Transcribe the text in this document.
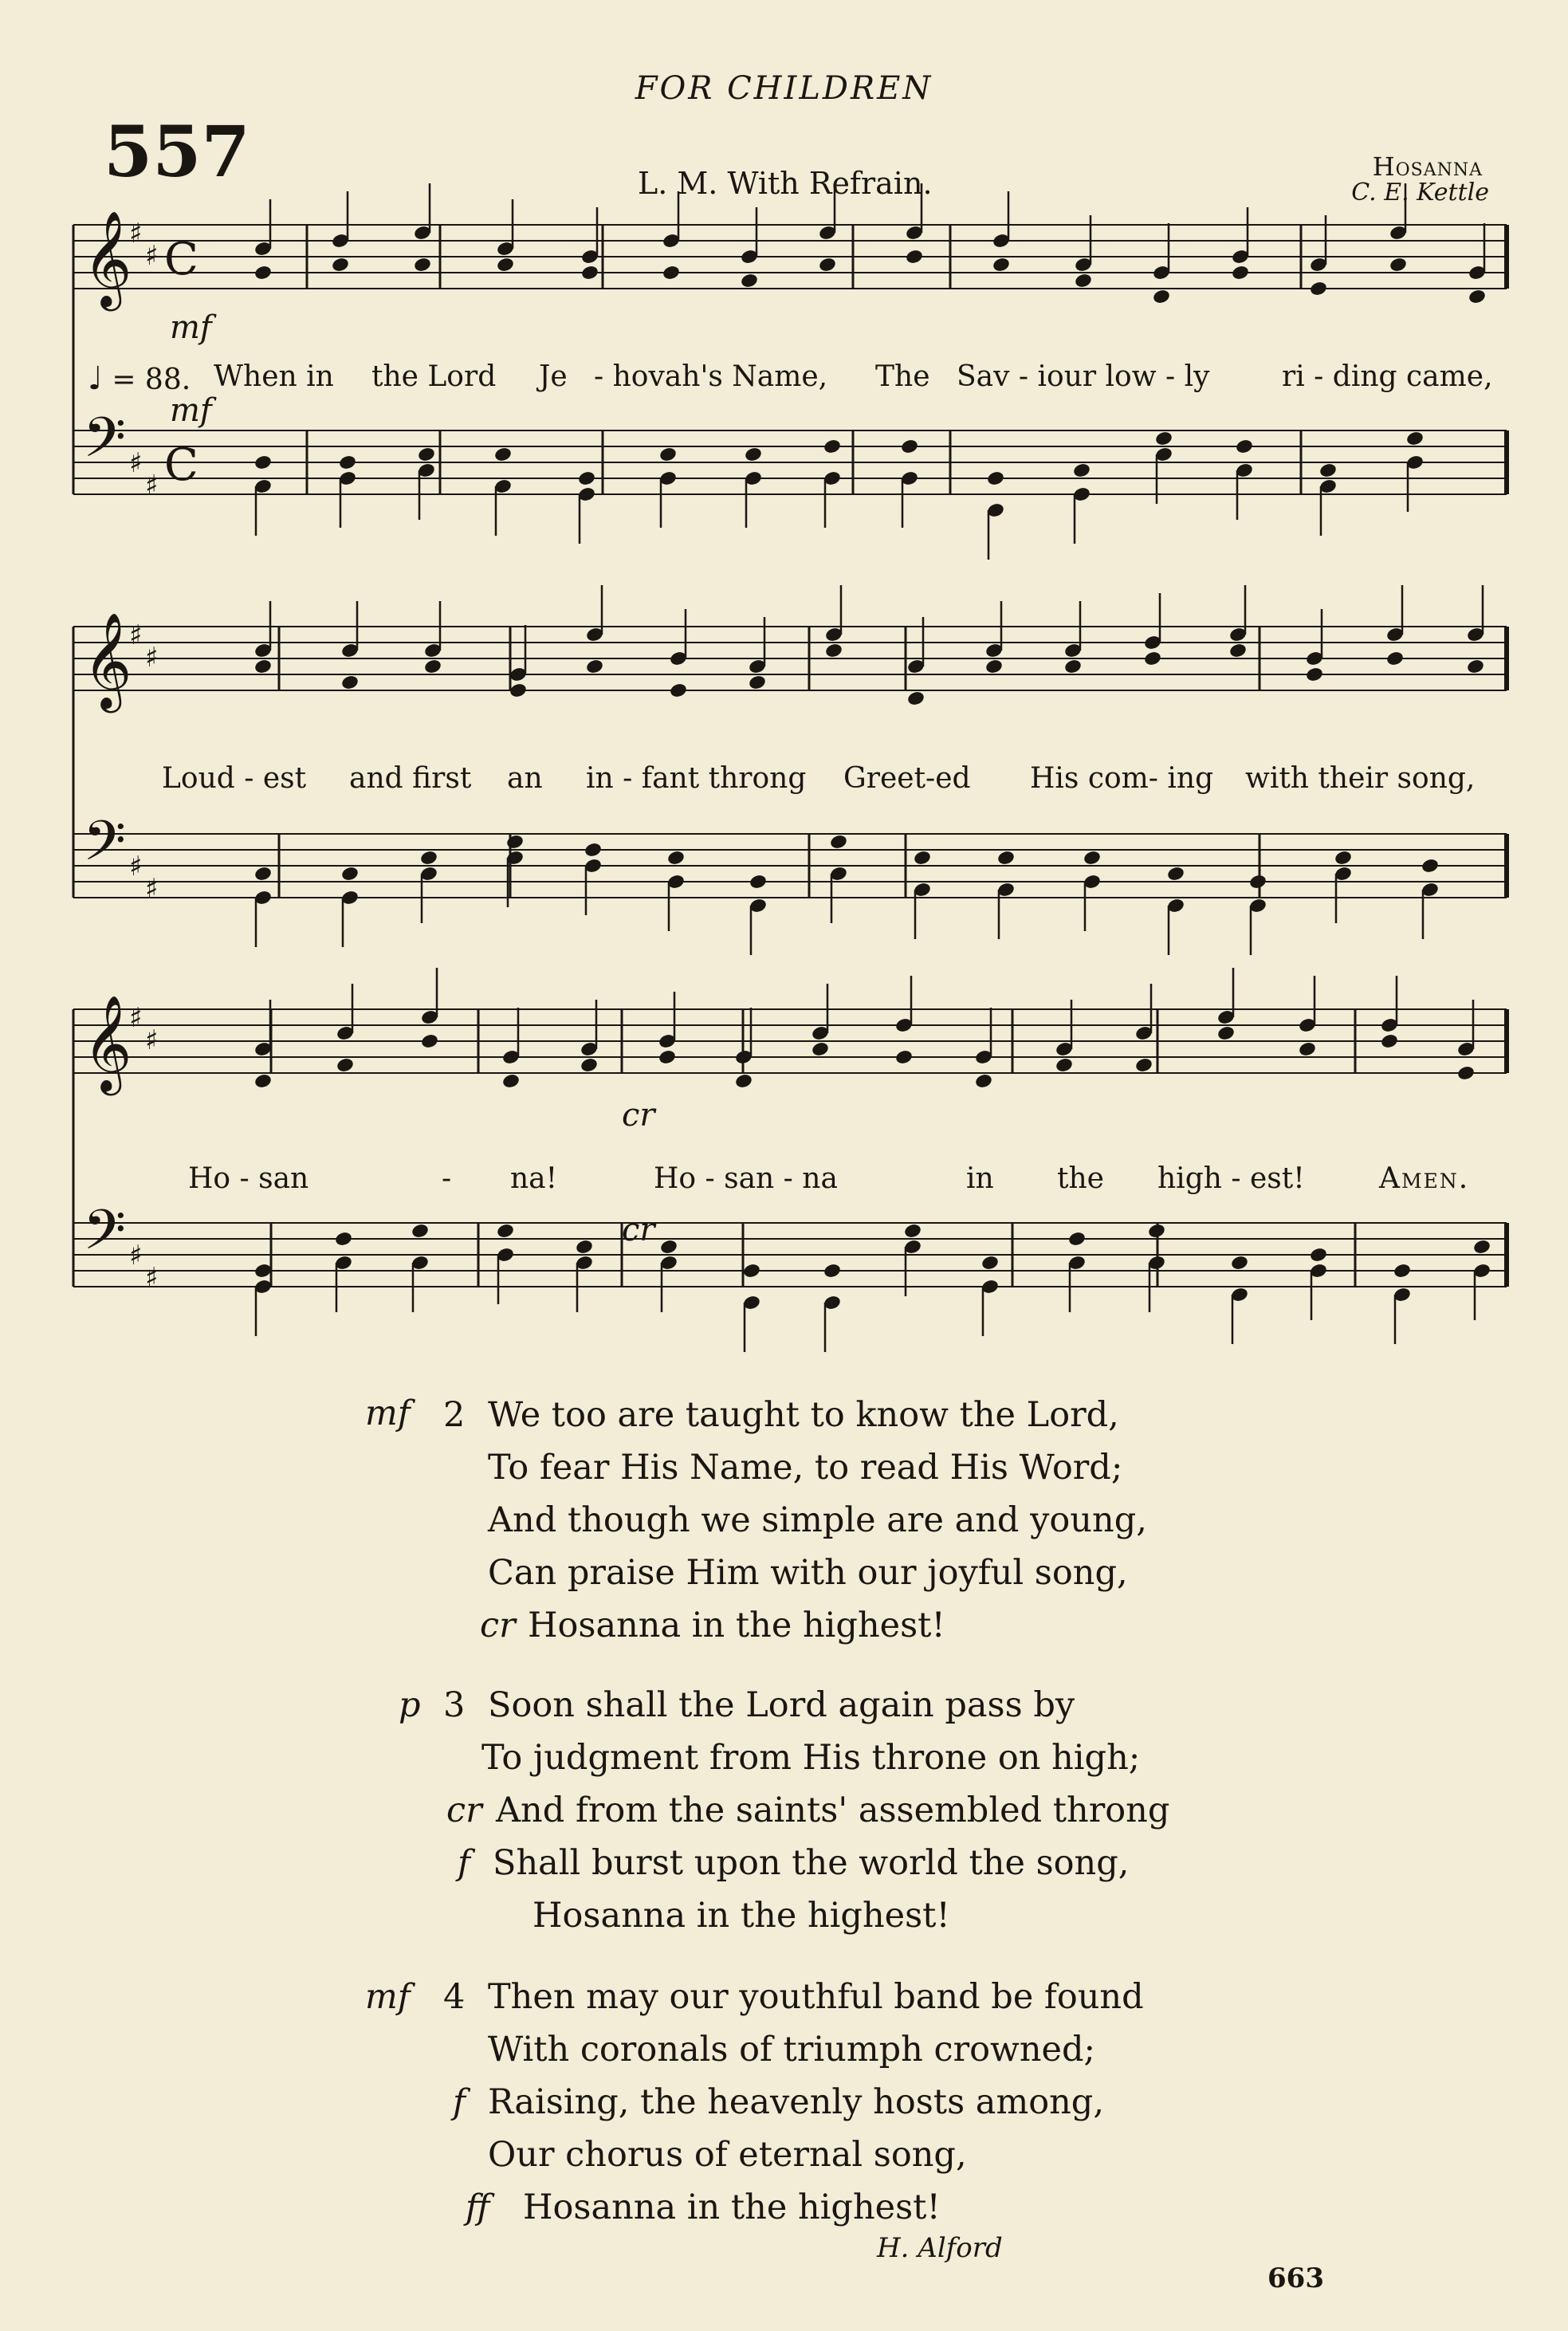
FOR CHILDREN
557	L. M. With Refrain.	Hosanna
C. E. Kettle
𝄞
♯
♯ C
𝄢 ♯
♯ C
𝄞
♯
♯
𝄢 ♯
♯
𝄞
♯
♯
𝄢 ♯
♯
mf
♩ = 88.
mf
cr
cr
When in the Lord Je - hovah's Name, The Sav - iour low - ly	ri - ding came,
Loud - est and first an in - fant throng Greet-ed His com- ing with their song,
Ho - san	- na!	Ho - san - na	in the high - est!	Amen.
mf 2 We too are taught to know the Lord,
To fear His Name, to read His Word;
And though we simple are and young,
Can praise Him with our joyful song,
cr Hosanna in the highest!
p 3 Soon shall the Lord again pass by
To judgment from His throne on high;
cr And from the saints' assembled throng
f Shall burst upon the world the song,
Hosanna in the highest!
mf 4 Then may our youthful band be found
With coronals of triumph crowned;
f Raising, the heavenly hosts among,
Our chorus of eternal song,
ff Hosanna in the highest!
H. Alford
663
